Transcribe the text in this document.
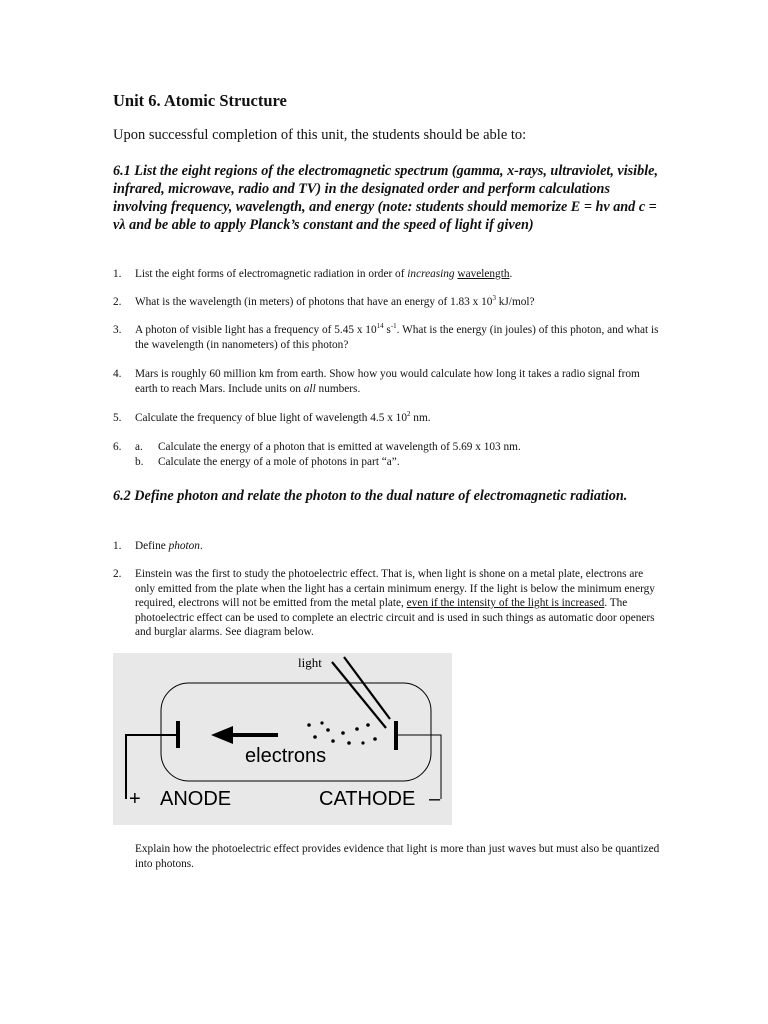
Unit 6. Atomic Structure
Upon successful completion of this unit, the students should be able to:
6.1 List the eight regions of the electromagnetic spectrum (gamma, x-rays, ultraviolet, visible, infrared, microwave, radio and TV) in the designated order and perform calculations involving frequency, wavelength, and energy (note: students should memorize E = hν and c = νλ and be able to apply Planck’s constant and the speed of light if given)
1. List the eight forms of electromagnetic radiation in order of increasing wavelength.
2. What is the wavelength (in meters) of photons that have an energy of 1.83 x $10^3$ kJ/mol?
3. A photon of visible light has a frequency of 5.45 x $10^{14}$ $s^{-1}$. What is the energy (in joules) of this photon, and what is the wavelength (in nanometers) of this photon?
4. Mars is roughly 60 million km from earth. Show how you would calculate how long it takes a radio signal from earth to reach Mars. Include units on all numbers.
5. Calculate the frequency of blue light of wavelength 4.5 x $10^2$ nm.
6. a. Calculate the energy of a photon that is emitted at wavelength of 5.69 x 103 nm.
b. Calculate the energy of a mole of photons in part “a”.
6.2 Define photon and relate the photon to the dual nature of electromagnetic radiation.
1. Define photon.
2. Einstein was the first to study the photoelectric effect. That is, when light is shone on a metal plate, electrons are only emitted from the plate when the light has a certain minimum energy. If the light is below the minimum energy required, electrons will not be emitted from the metal plate, even if the intensity of the light is increased. The photoelectric effect can be used to complete an electric circuit and is used in such things as automatic door openers and burglar alarms. See diagram below.
light
electrons
+ ANODE	CATHODE –
Explain how the photoelectric effect provides evidence that light is more than just waves but must also be quantized into photons.
